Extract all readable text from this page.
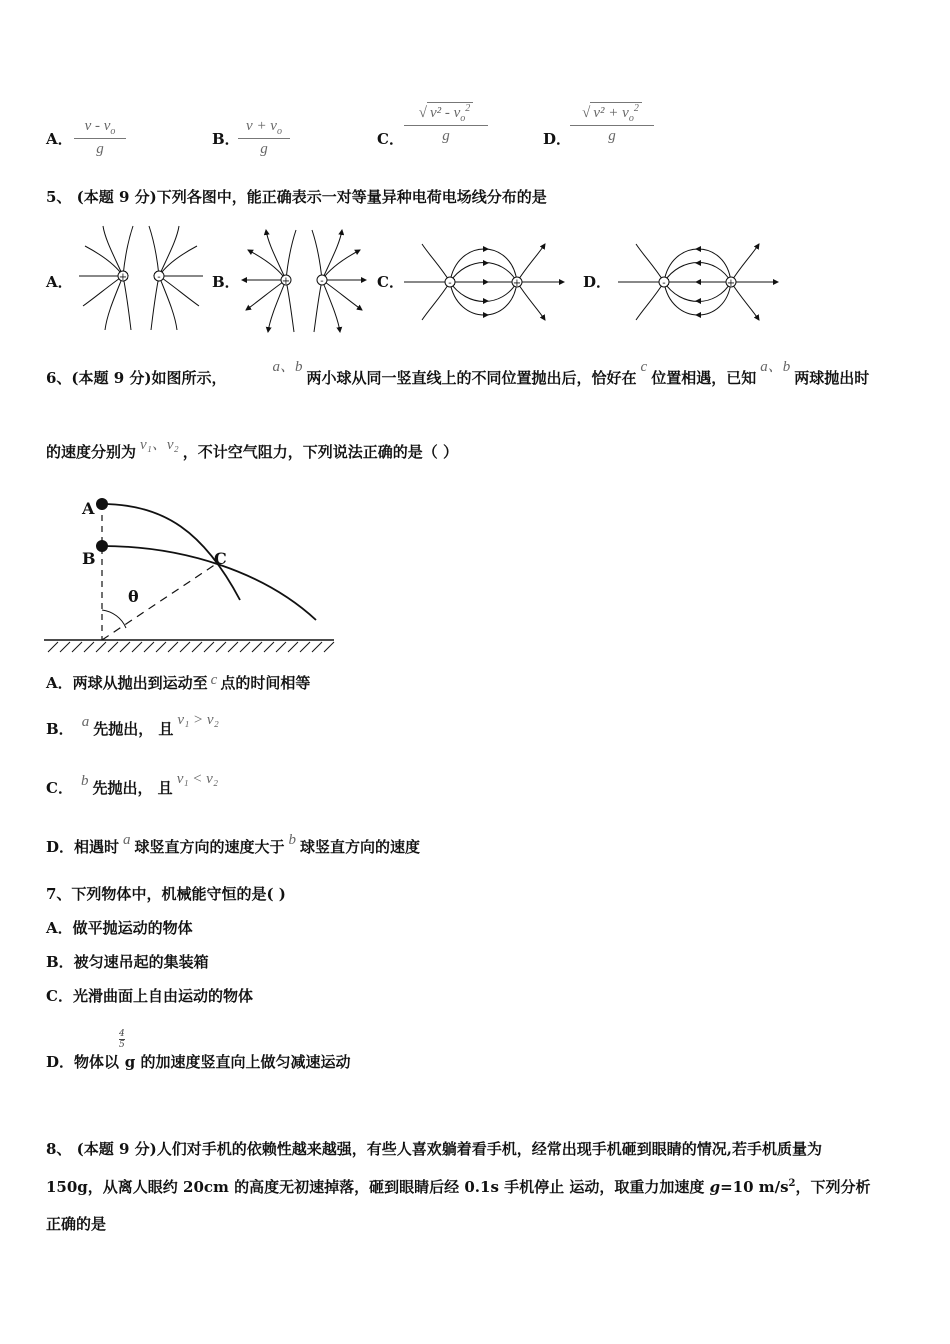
A．
v - $v_o$
g
B．
$v + v_o$
g
C．
√ $v^2 - v_o^2$
g	D．
√ $v^2 + v_o^2$
g
5、 (本题 9 分)下列各图中，能正确表示一对等量异种电荷电场线分布的是
A．	B．	C．	D．
+	-	+	-	-	+	-	+
6、(本题 9 分)如图所示，a、b两小球从同一竖直线上的不同位置抛出后，恰好在c位置相遇，已知a、b两球抛出时
的速度分别为 v₁、v₂ ，不计空气阻力，下列说法正确的是（ ）
A
B	C
θ
A．两球从抛出到运动至 c 点的时间相等
B． a 先抛出， 且 v₁ > v₂
C． b 先抛出， 且 v₁ < v₂
D．相遇时 a 球竖直方向的速度大于 b 球竖直方向的速度
7、下列物体中，机械能守恒的是( )
A．做平抛运动的物体
B．被匀速吊起的集装箱
C．光滑曲面上自由运动的物体
D．物体以
$\frac{4}{5}$
g 的加速度竖直向上做匀减速运动
8、 (本题 9 分)人们对手机的依赖性越来越强，有些人喜欢躺着看手机，经常出现手机砸到眼睛的情况,若手机质量为
150g，从离人眼约 20cm 的高度无初速掉落，砸到眼睛后经 0.1s 手机停止 运动，取重力加速度 g=10 $m/s^2$，下列分析
正确的是
